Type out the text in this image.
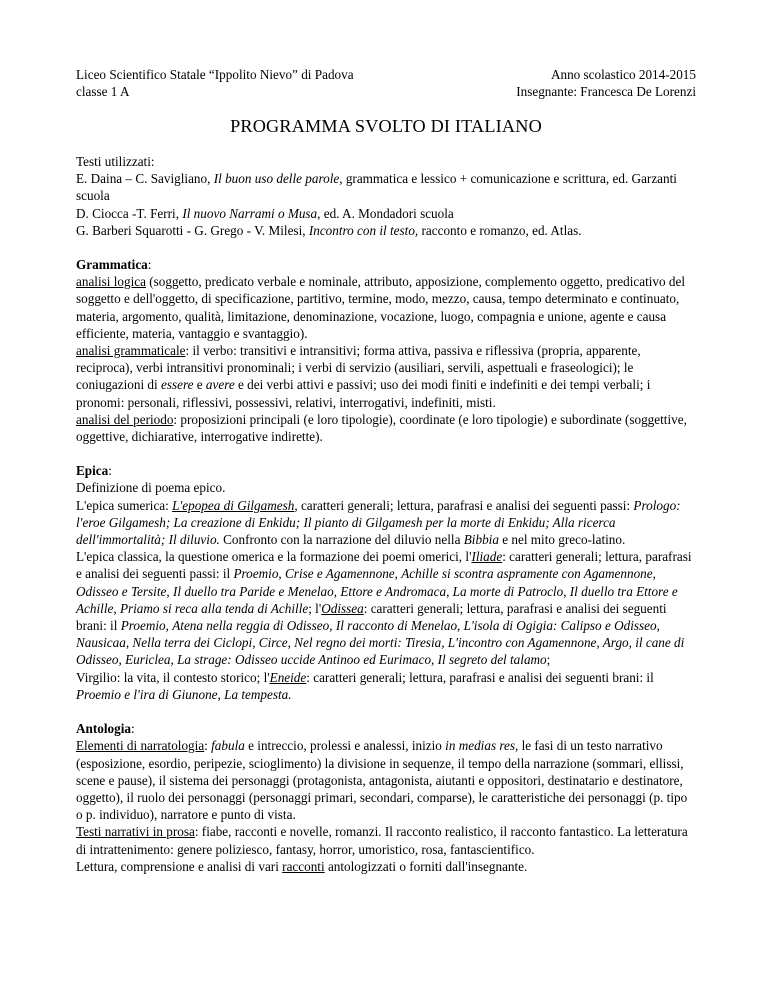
Liceo Scientifico Statale “Ippolito Nievo” di Padova
classe 1 A
Anno scolastico 2014-2015
Insegnante: Francesca De Lorenzi
PROGRAMMA SVOLTO DI ITALIANO

Testi utilizzati:

E. Daina – C. Savigliano, Il buon uso delle parole, grammatica e lessico + comunicazione e scrittura, ed. Garzanti scuola

D. Ciocca -T. Ferri, Il nuovo Narrami o Musa, ed. A. Mondadori scuola

G. Barberi Squarotti - G. Grego - V. Milesi, Incontro con il testo, racconto e romanzo, ed. Atlas.

Grammatica:

analisi logica (soggetto, predicato verbale e nominale, attributo, apposizione, complemento oggetto, predicativo del soggetto e dell'oggetto, di specificazione, partitivo, termine, modo, mezzo, causa, tempo determinato e continuato, materia, argomento, qualità, limitazione, denominazione, vocazione, luogo, compagnia e unione, agente e causa efficiente, materia, vantaggio e svantaggio).

analisi grammaticale: il verbo: transitivi e intransitivi; forma attiva, passiva e riflessiva (propria, apparente, reciproca), verbi intransitivi pronominali; i verbi di servizio (ausiliari, servili, aspettuali e fraseologici); le coniugazioni di essere e avere e dei verbi attivi e passivi; uso dei modi finiti e indefiniti e dei tempi verbali; i pronomi: personali, riflessivi, possessivi, relativi, interrogativi, indefiniti, misti.

analisi del periodo: proposizioni principali (e loro tipologie), coordinate (e loro tipologie) e subordinate (soggettive, oggettive, dichiarative, interrogative indirette).

Epica:

Definizione di poema epico.

L'epica sumerica: L'epopea di Gilgamesh, caratteri generali; lettura, parafrasi e analisi dei seguenti passi: Prologo: l'eroe Gilgamesh; La creazione di Enkidu; Il pianto di Gilgamesh per la morte di Enkidu; Alla ricerca dell'immortalità; Il diluvio. Confronto con la narrazione del diluvio nella Bibbia e nel mito greco-latino.

L'epica classica, la questione omerica e la formazione dei poemi omerici, l'Iliade: caratteri generali; lettura, parafrasi e analisi dei seguenti passi: il Proemio, Crise e Agamennone, Achille si scontra aspramente con Agamennone, Odisseo e Tersite, Il duello tra Paride e Menelao, Ettore e Andromaca, La morte di Patroclo, Il duello tra Ettore e Achille, Priamo si reca alla tenda di Achille; l'Odissea: caratteri generali; lettura, parafrasi e analisi dei seguenti brani: il Proemio, Atena nella reggia di Odisseo, Il racconto di Menelao, L'isola di Ogigia: Calipso e Odisseo, Nausicaa, Nella terra dei Ciclopi, Circe, Nel regno dei morti: Tiresia, L'incontro con Agamennone, Argo, il cane di Odisseo, Euriclea, La strage: Odisseo uccide Antinoo ed Eurimaco, Il segreto del talamo;

Virgilio: la vita, il contesto storico; l'Eneide: caratteri generali; lettura, parafrasi e analisi dei seguenti brani: il Proemio e l'ira di Giunone, La tempesta.

Antologia:

Elementi di narratologia: fabula e intreccio, prolessi e analessi, inizio in medias res, le fasi di un testo narrativo (esposizione, esordio, peripezie, scioglimento) la divisione in sequenze, il tempo della narrazione (sommari, ellissi, scene e pause), il sistema dei personaggi (protagonista, antagonista, aiutanti e oppositori, destinatario e destinatore, oggetto), il ruolo dei personaggi (personaggi primari, secondari, comparse), le caratteristiche dei personaggi (p. tipo o p. individuo), narratore e punto di vista.

Testi narrativi in prosa: fiabe, racconti e novelle, romanzi. Il racconto realistico, il racconto fantastico. La letteratura di intrattenimento: genere poliziesco, fantasy, horror, umoristico, rosa, fantascientifico.

Lettura, comprensione e analisi di vari racconti antologizzati o forniti dall'insegnante.
